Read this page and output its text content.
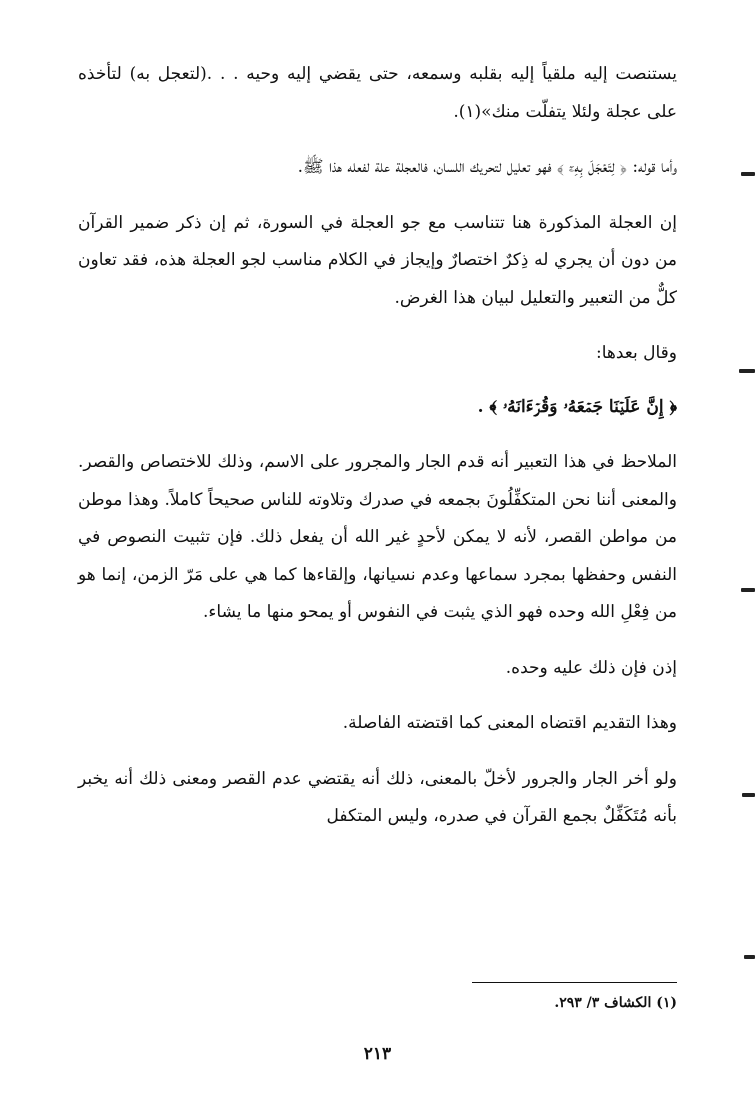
يستنصت إليه ملقياً إليه بقلبه وسمعه، حتى يقضي إليه وحيه . . .(لتعجل به) لتأخذه على عجلة ولئلا يتفلّت منك»(١).

وأما قوله: ﴿ لِتَعۡجَلَ بِهِۦٓ ﴾ فهو تعليل لتحريك اللسان، فالعجلة علة لفعله هذا ﷺ.

إن العجلة المذكورة هنا تتناسب مع جو العجلة في السورة، ثم إن ذكر ضمير القرآن من دون أن يجري له ذِكرٌ اختصارٌ وإيجاز في الكلام مناسب لجو العجلة هذه، فقد تعاون كلٌّ من التعبير والتعليل لبيان هذا الغرض.

وقال بعدها:

﴿ إِنَّ عَلَيۡنَا جَمۡعَهُۥ وَقُرۡءَانَهُۥ ﴾ .

الملاحظ في هذا التعبير أنه قدم الجار والمجرور على الاسم، وذلك للاختصاص والقصر. والمعنى أننا نحن المتكفِّلُونَ بجمعه في صدرك وتلاوته للناس صحيحاً كاملاً. وهذا موطن من مواطن القصر، لأنه لا يمكن لأحدٍ غير الله أن يفعل ذلك. فإن تثبيت النصوص في النفس وحفظها بمجرد سماعها وعدم نسيانها، وإلقاءها كما هي على مَرّ الزمن، إنما هو من فِعْلِ الله وحده فهو الذي يثبت في النفوس أو يمحو منها ما يشاء.

إذن فإن ذلك عليه وحده.

وهذا التقديم اقتضاه المعنى كما اقتضته الفاصلة.

ولو أخر الجار والجرور لأخلّ بالمعنى، ذلك أنه يقتضي عدم القصر ومعنى ذلك أنه يخبر بأنه مُتَكَفِّلٌ بجمع القرآن في صدره، وليس المتكفل

(١) الكشاف ٣/ ٢٩٣.
٢١٣
